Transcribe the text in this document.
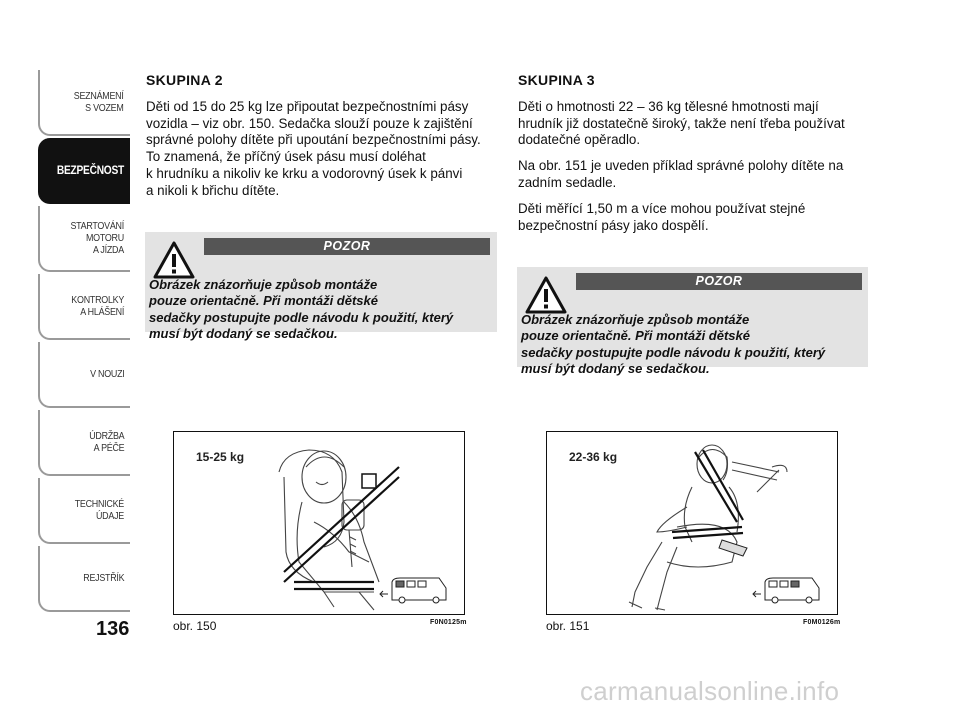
SEZNÁMENÍ
S VOZEM
BEZPEČNOST
STARTOVÁNÍ
MOTORU
A JÍZDA
KONTROLKY
A HLÁŠENÍ
V NOUZI
ÚDRŽBA
A PÉČE
TECHNICKÉ
ÚDAJE
REJSTŘÍK
136
SKUPINA 2

Děti od 15 do 25 kg lze připoutat bezpečnostními pásy
vozidla – viz obr. 150. Sedačka slouží pouze k zajištění
správné polohy dítěte při upoutání bezpečnostními pásy.
To znamená, že příčný úsek pásu musí doléhat
k hrudníku a nikoliv ke krku a vodorovný úsek k pánvi
a nikoli k břichu dítěte.

POZOR

Obrázek znázorňuje způsob montáže
pouze orientačně. Při montáži dětské
sedačky postupujte podle návodu k použití, který
musí být dodaný se sedačkou.

SKUPINA 3

Děti o hmotnosti 22 – 36 kg tělesné hmotnosti mají
hrudník již dostatečně široký, takže není třeba používat
dodatečné opěradlo.

Na obr. 151 je uveden příklad správné polohy dítěte na
zadním sedadle.

Děti měřící 1,50 m a více mohou používat stejné
bezpečnostní pásy jako dospělí.

POZOR

Obrázek znázorňuje způsob montáže
pouze orientačně. Při montáži dětské
sedačky postupujte podle návodu k použití, který
musí být dodaný se sedačkou.

15-25 kg
obr. 150	F0N0125m
22-36 kg
obr. 151	F0M0126m
carmanualsonline.info
